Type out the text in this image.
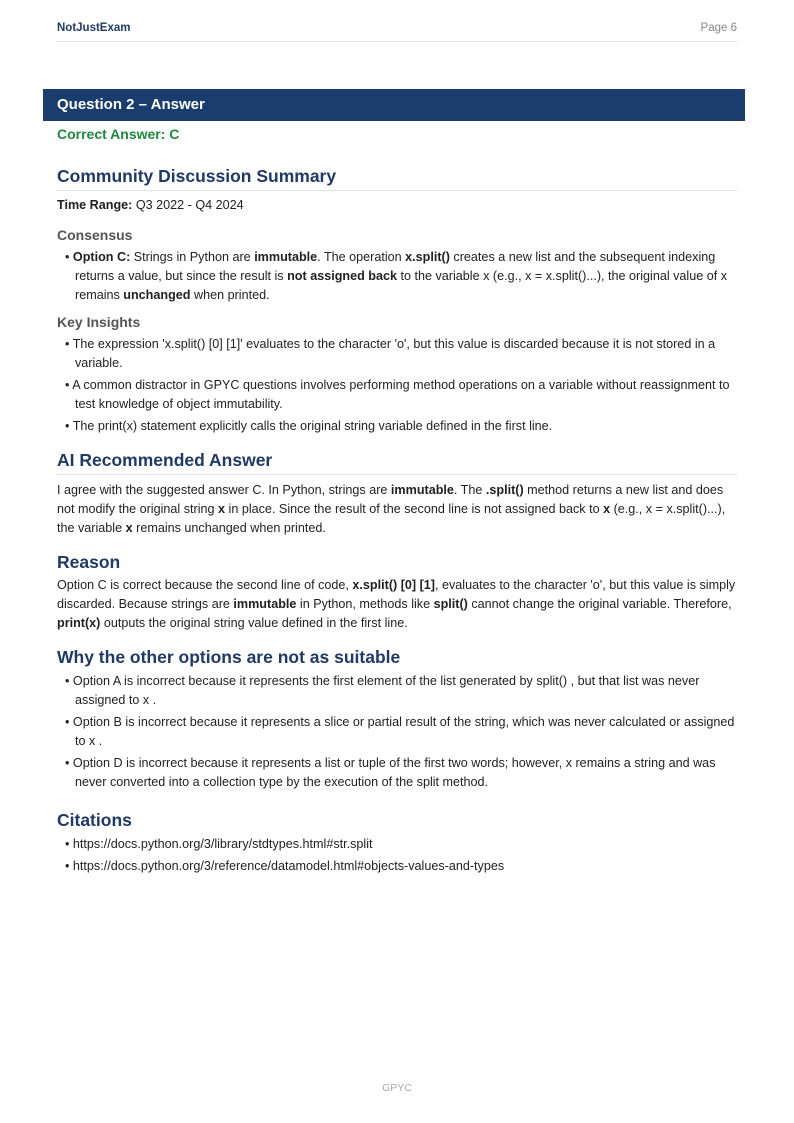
NotJustExam	Page 6
Question 2 – Answer

Correct Answer: C

Community Discussion Summary

Time Range: Q3 2022 - Q4 2024

Consensus
• Option C: Strings in Python are immutable. The operation x.split() creates a new list and the subsequent indexing returns a value, but since the result is not assigned back to the variable x (e.g., x = x.split()...), the original value of x remains unchanged when printed.
Key Insights
• The expression 'x.split() [0] [1]' evaluates to the character 'o', but this value is discarded because it is not stored in a variable.
• A common distractor in GPYC questions involves performing method operations on a variable without reassignment to test knowledge of object immutability.
• The print(x) statement explicitly calls the original string variable defined in the first line.
AI Recommended Answer

I agree with the suggested answer C. In Python, strings are immutable. The .split() method returns a new list and does not modify the original string x in place. Since the result of the second line is not assigned back to x (e.g., x = x.split()...), the variable x remains unchanged when printed.

Reason

Option C is correct because the second line of code, x.split() [0] [1], evaluates to the character 'o', but this value is simply discarded. Because strings are immutable in Python, methods like split() cannot change the original variable. Therefore, print(x) outputs the original string value defined in the first line.

Why the other options are not as suitable
• Option A is incorrect because it represents the first element of the list generated by split() , but that list was never assigned to x .
• Option B is incorrect because it represents a slice or partial result of the string, which was never calculated or assigned to x .
• Option D is incorrect because it represents a list or tuple of the first two words; however, x remains a string and was never converted into a collection type by the execution of the split method.
Citations
• https://docs.python.org/3/library/stdtypes.html#str.split
• https://docs.python.org/3/reference/datamodel.html#objects-values-and-types
GPYC
